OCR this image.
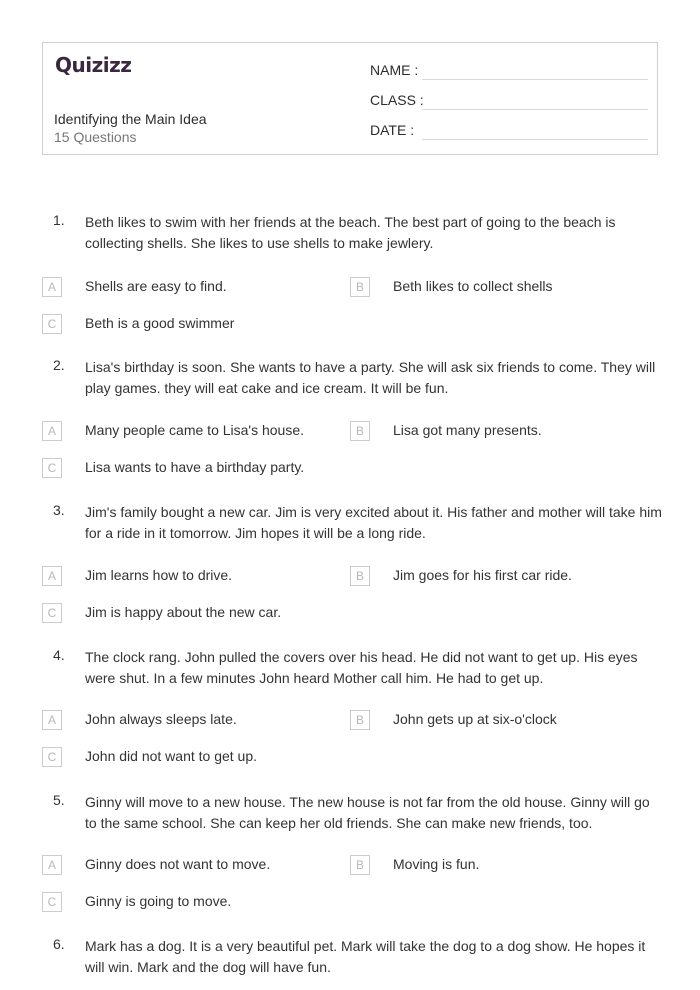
Quizizz
Identifying the Main Idea
15 Questions
NAME :
CLASS :
DATE :
1. Beth likes to swim with her friends at the beach. The best part of going to the beach is collecting shells. She likes to use shells to make jewlery.
A	Shells are easy to find.	B	Beth likes to collect shells
C	Beth is a good swimmer
2. Lisa's birthday is soon. She wants to have a party. She will ask six friends to come. They will play games. they will eat cake and ice cream. It will be fun.
A	Many people came to Lisa's house.	B	Lisa got many presents.
C	Lisa wants to have a birthday party.
3. Jim's family bought a new car. Jim is very excited about it. His father and mother will take him for a ride in it tomorrow. Jim hopes it will be a long ride.
A	Jim learns how to drive.	B	Jim goes for his first car ride.
C	Jim is happy about the new car.
4. The clock rang. John pulled the covers over his head. He did not want to get up. His eyes were shut. In a few minutes John heard Mother call him. He had to get up.
A	John always sleeps late.	B	John gets up at six-o'clock
C	John did not want to get up.
5. Ginny will move to a new house. The new house is not far from the old house. Ginny will go to the same school. She can keep her old friends. She can make new friends, too.
A	Ginny does not want to move.	B	Moving is fun.
C	Ginny is going to move.
6. Mark has a dog. It is a very beautiful pet. Mark will take the dog to a dog show. He hopes it will win. Mark and the dog will have fun.
